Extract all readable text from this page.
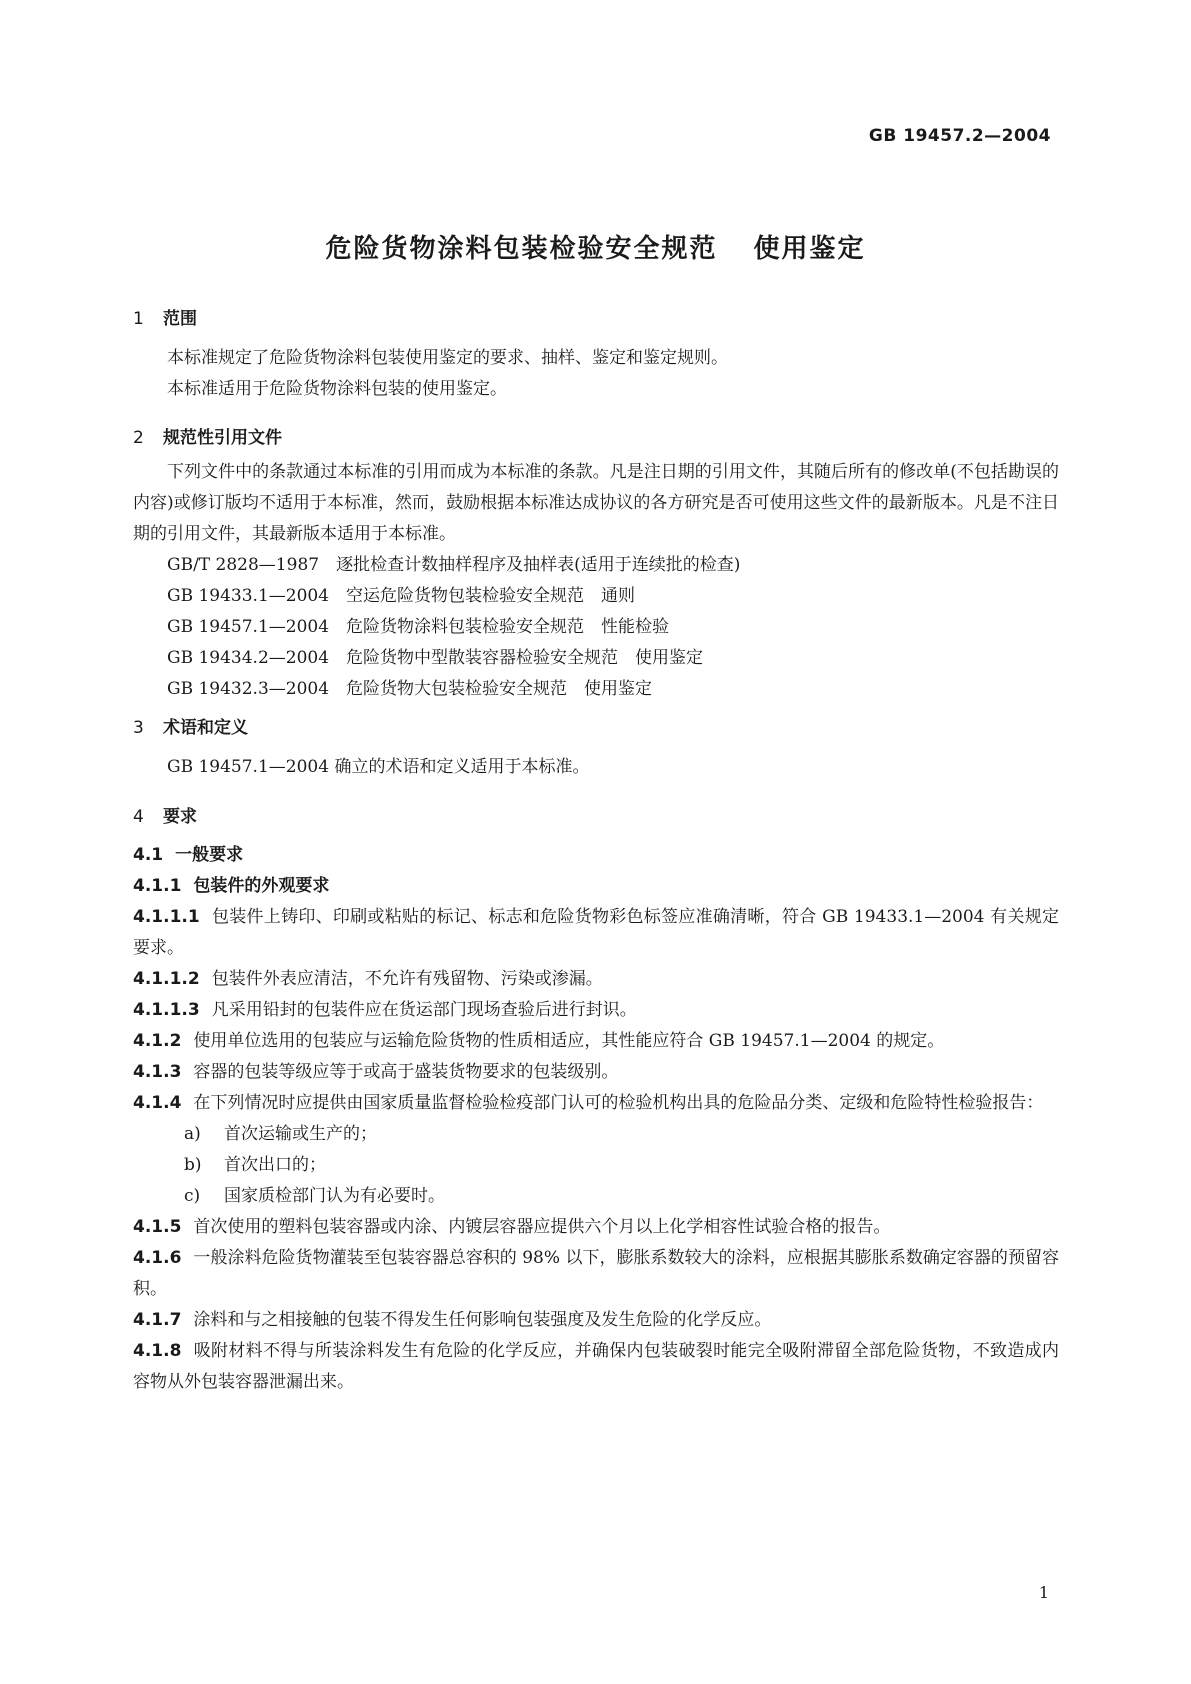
GB 19457.2—2004
危险货物涂料包装检验安全规范 使用鉴定
1 范围
本标准规定了危险货物涂料包装使用鉴定的要求、抽样、鉴定和鉴定规则。
本标准适用于危险货物涂料包装的使用鉴定。
2 规范性引用文件
下列文件中的条款通过本标准的引用而成为本标准的条款。凡是注日期的引用文件，其随后所有的修改单(不包括勘误的内容)或修订版均不适用于本标准，然而，鼓励根据本标准达成协议的各方研究是否可使用这些文件的最新版本。凡是不注日期的引用文件，其最新版本适用于本标准。
GB/T 2828—1987　逐批检查计数抽样程序及抽样表(适用于连续批的检查)
GB 19433.1—2004　空运危险货物包装检验安全规范　通则
GB 19457.1—2004　危险货物涂料包装检验安全规范　性能检验
GB 19434.2—2004　危险货物中型散装容器检验安全规范　使用鉴定
GB 19432.3—2004　危险货物大包装检验安全规范　使用鉴定
3 术语和定义
GB 19457.1—2004 确立的术语和定义适用于本标准。
4 要求
4.1 一般要求
4.1.1 包装件的外观要求
4.1.1.1 包装件上铸印、印刷或粘贴的标记、标志和危险货物彩色标签应准确清晰，符合 GB 19433.1—2004 有关规定要求。
4.1.1.2 包装件外表应清洁，不允许有残留物、污染或渗漏。
4.1.1.3 凡采用铅封的包装件应在货运部门现场查验后进行封识。
4.1.2 使用单位选用的包装应与运输危险货物的性质相适应，其性能应符合 GB 19457.1—2004 的规定。
4.1.3 容器的包装等级应等于或高于盛装货物要求的包装级别。
4.1.4 在下列情况时应提供由国家质量监督检验检疫部门认可的检验机构出具的危险品分类、定级和危险特性检验报告：
a) 首次运输或生产的；
b) 首次出口的；
c) 国家质检部门认为有必要时。
4.1.5 首次使用的塑料包装容器或内涂、内镀层容器应提供六个月以上化学相容性试验合格的报告。
4.1.6 一般涂料危险货物灌装至包装容器总容积的 98% 以下，膨胀系数较大的涂料，应根据其膨胀系数确定容器的预留容积。
4.1.7 涂料和与之相接触的包装不得发生任何影响包装强度及发生危险的化学反应。
4.1.8 吸附材料不得与所装涂料发生有危险的化学反应，并确保内包装破裂时能完全吸附滞留全部危险货物，不致造成内容物从外包装容器泄漏出来。
1
